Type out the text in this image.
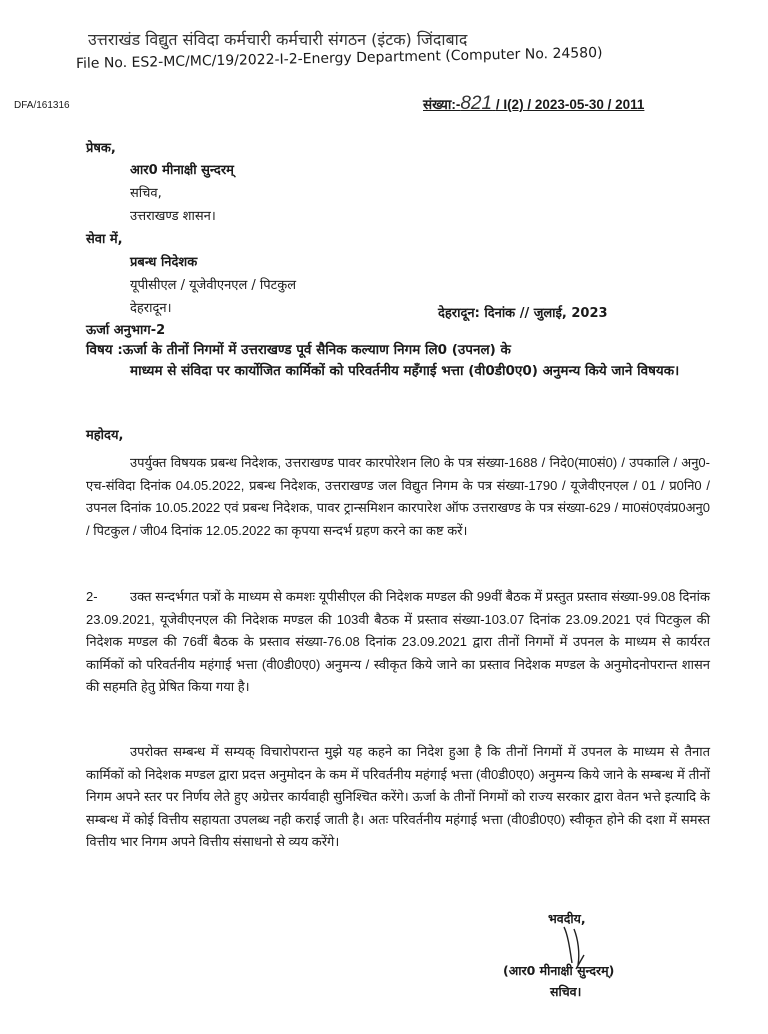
उत्तराखंड विद्युत संविदा कर्मचारी कर्मचारी संगठन (इंटक) जिंदाबाद
File No. ES2-MC/MC/19/2022-I-2-Energy Department (Computer No. 24580)
DFA/161316	संख्या:-821 / I(2) / 2023-05-30 / 2011
प्रेषक,
आर0 मीनाक्षी सुन्दरम्
सचिव,
उत्तराखण्ड शासन।
सेवा में,
प्रबन्ध निदेशक
यूपीसीएल / यूजेवीएनएल / पिटकुल
देहरादून।	देहरादून: दिनांक // जुलाई, 2023
ऊर्जा अनुभाग-2
विषय :ऊर्जा के तीनों निगमों में उत्तराखण्ड पूर्व सैनिक कल्याण निगम लि0 (उपनल) के
माध्यम से संविदा पर कार्योजित कार्मिकों को परिवर्तनीय महँगाई भत्ता (वी0डी0ए0) अनुमन्य किये जाने विषयक।
महोदय,
उपर्युक्त विषयक प्रबन्ध निदेशक, उत्तराखण्ड पावर कारपोरेशन लि0 के पत्र संख्या-1688 / निदे0(मा0सं0) / उपकालि / अनु0-एच-संविदा दिनांक 04.05.2022, प्रबन्ध निदेशक, उत्तराखण्ड जल विद्युत निगम के पत्र संख्या-1790 / यूजेवीएनएल / 01 / प्र0नि0 / उपनल दिनांक 10.05.2022 एवं प्रबन्ध निदेशक, पावर ट्रान्समिशन कारपारेश ऑफ उत्तराखण्ड के पत्र संख्या-629 / मा0सं0एवंप्र0अनु0 / पिटकुल / जी04 दिनांक 12.05.2022 का कृपया सन्दर्भ ग्रहण करने का कष्ट करें।
2- उक्त सन्दर्भगत पत्रों के माध्यम से कमशः यूपीसीएल की निदेशक मण्डल की 99वीं बैठक में प्रस्तुत प्रस्ताव संख्या-99.08 दिनांक 23.09.2021, यूजेवीएनएल की निदेशक मण्डल की 103वी बैठक में प्रस्ताव संख्या-103.07 दिनांक 23.09.2021 एवं पिटकुल की निदेशक मण्डल की 76वीं बैठक के प्रस्ताव संख्या-76.08 दिनांक 23.09.2021 द्वारा तीनों निगमों में उपनल के माध्यम से कार्यरत कार्मिकों को परिवर्तनीय महंगाई भत्ता (वी0डी0ए0) अनुमन्य / स्वीकृत किये जाने का प्रस्ताव निदेशक मण्डल के अनुमोदनोपरान्त शासन की सहमति हेतु प्रेषित किया गया है।
उपरोक्त सम्बन्ध में सम्यक् विचारोपरान्त मुझे यह कहने का निदेश हुआ है कि तीनों निगमों में उपनल के माध्यम से तैनात कार्मिकों को निदेशक मण्डल द्वारा प्रदत्त अनुमोदन के कम में परिवर्तनीय महंगाई भत्ता (वी0डी0ए0) अनुमन्य किये जाने के सम्बन्ध में तीनों निगम अपने स्तर पर निर्णय लेते हुए अग्रेत्तर कार्यवाही सुनिश्चित करेंगे। ऊर्जा के तीनों निगमों को राज्य सरकार द्वारा वेतन भत्ते इत्यादि के सम्बन्ध में कोई वित्तीय सहायता उपलब्ध नही कराई जाती है। अतः परिवर्तनीय महंगाई भत्ता (वी0डी0ए0) स्वीकृत होने की दशा में समस्त वित्तीय भार निगम अपने वित्तीय संसाधनो से व्यय करेंगे।
भवदीय,
(आर0 मीनाक्षी सुन्दरम्)
सचिव।
